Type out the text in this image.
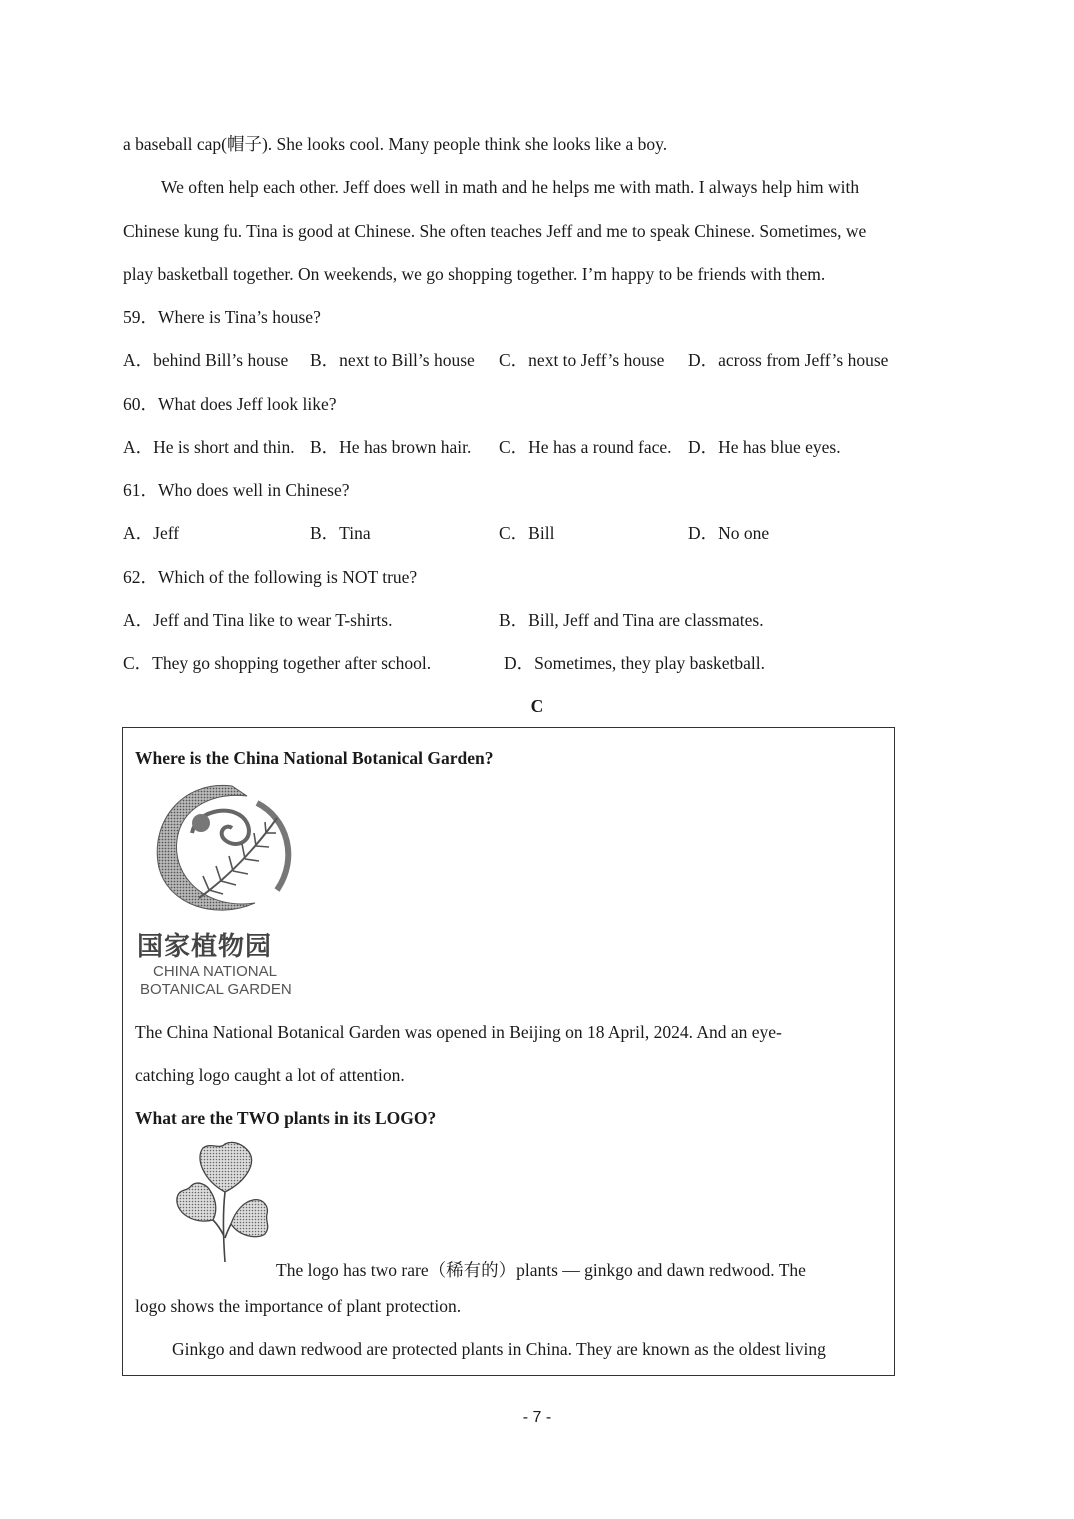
a baseball cap(帽子). She looks cool. Many people think she looks like a boy.
We often help each other. Jeff does well in math and he helps me with math. I always help him with
Chinese kung fu. Tina is good at Chinese. She often teaches Jeff and me to speak Chinese. Sometimes, we
play basketball together. On weekends, we go shopping together. I’m happy to be friends with them.
59．Where is Tina’s house?
A．behind Bill’s house B．next to Bill’s house C．next to Jeff’s house D．across from Jeff’s house
60．What does Jeff look like?
A．He is short and thin. B．He has brown hair. C．He has a round face. D．He has blue eyes.
61．Who does well in Chinese?
A．Jeff	B．Tina	C．Bill	D．No one
62．Which of the following is NOT true?
A．Jeff and Tina like to wear T-shirts.	B．Bill, Jeff and Tina are classmates.
C．They go shopping together after school.	D．Sometimes, they play basketball.
C
Where is the China National Botanical Garden?
国家植物园
CHINA NATIONAL
BOTANICAL GARDEN
The China National Botanical Garden was opened in Beijing on 18 April, 2024. And an eye-
catching logo caught a lot of attention.
What are the TWO plants in its LOGO?
The logo has two rare（稀有的）plants — ginkgo and dawn redwood. The
logo shows the importance of plant protection.
Ginkgo and dawn redwood are protected plants in China. They are known as the oldest living
- 7 -
